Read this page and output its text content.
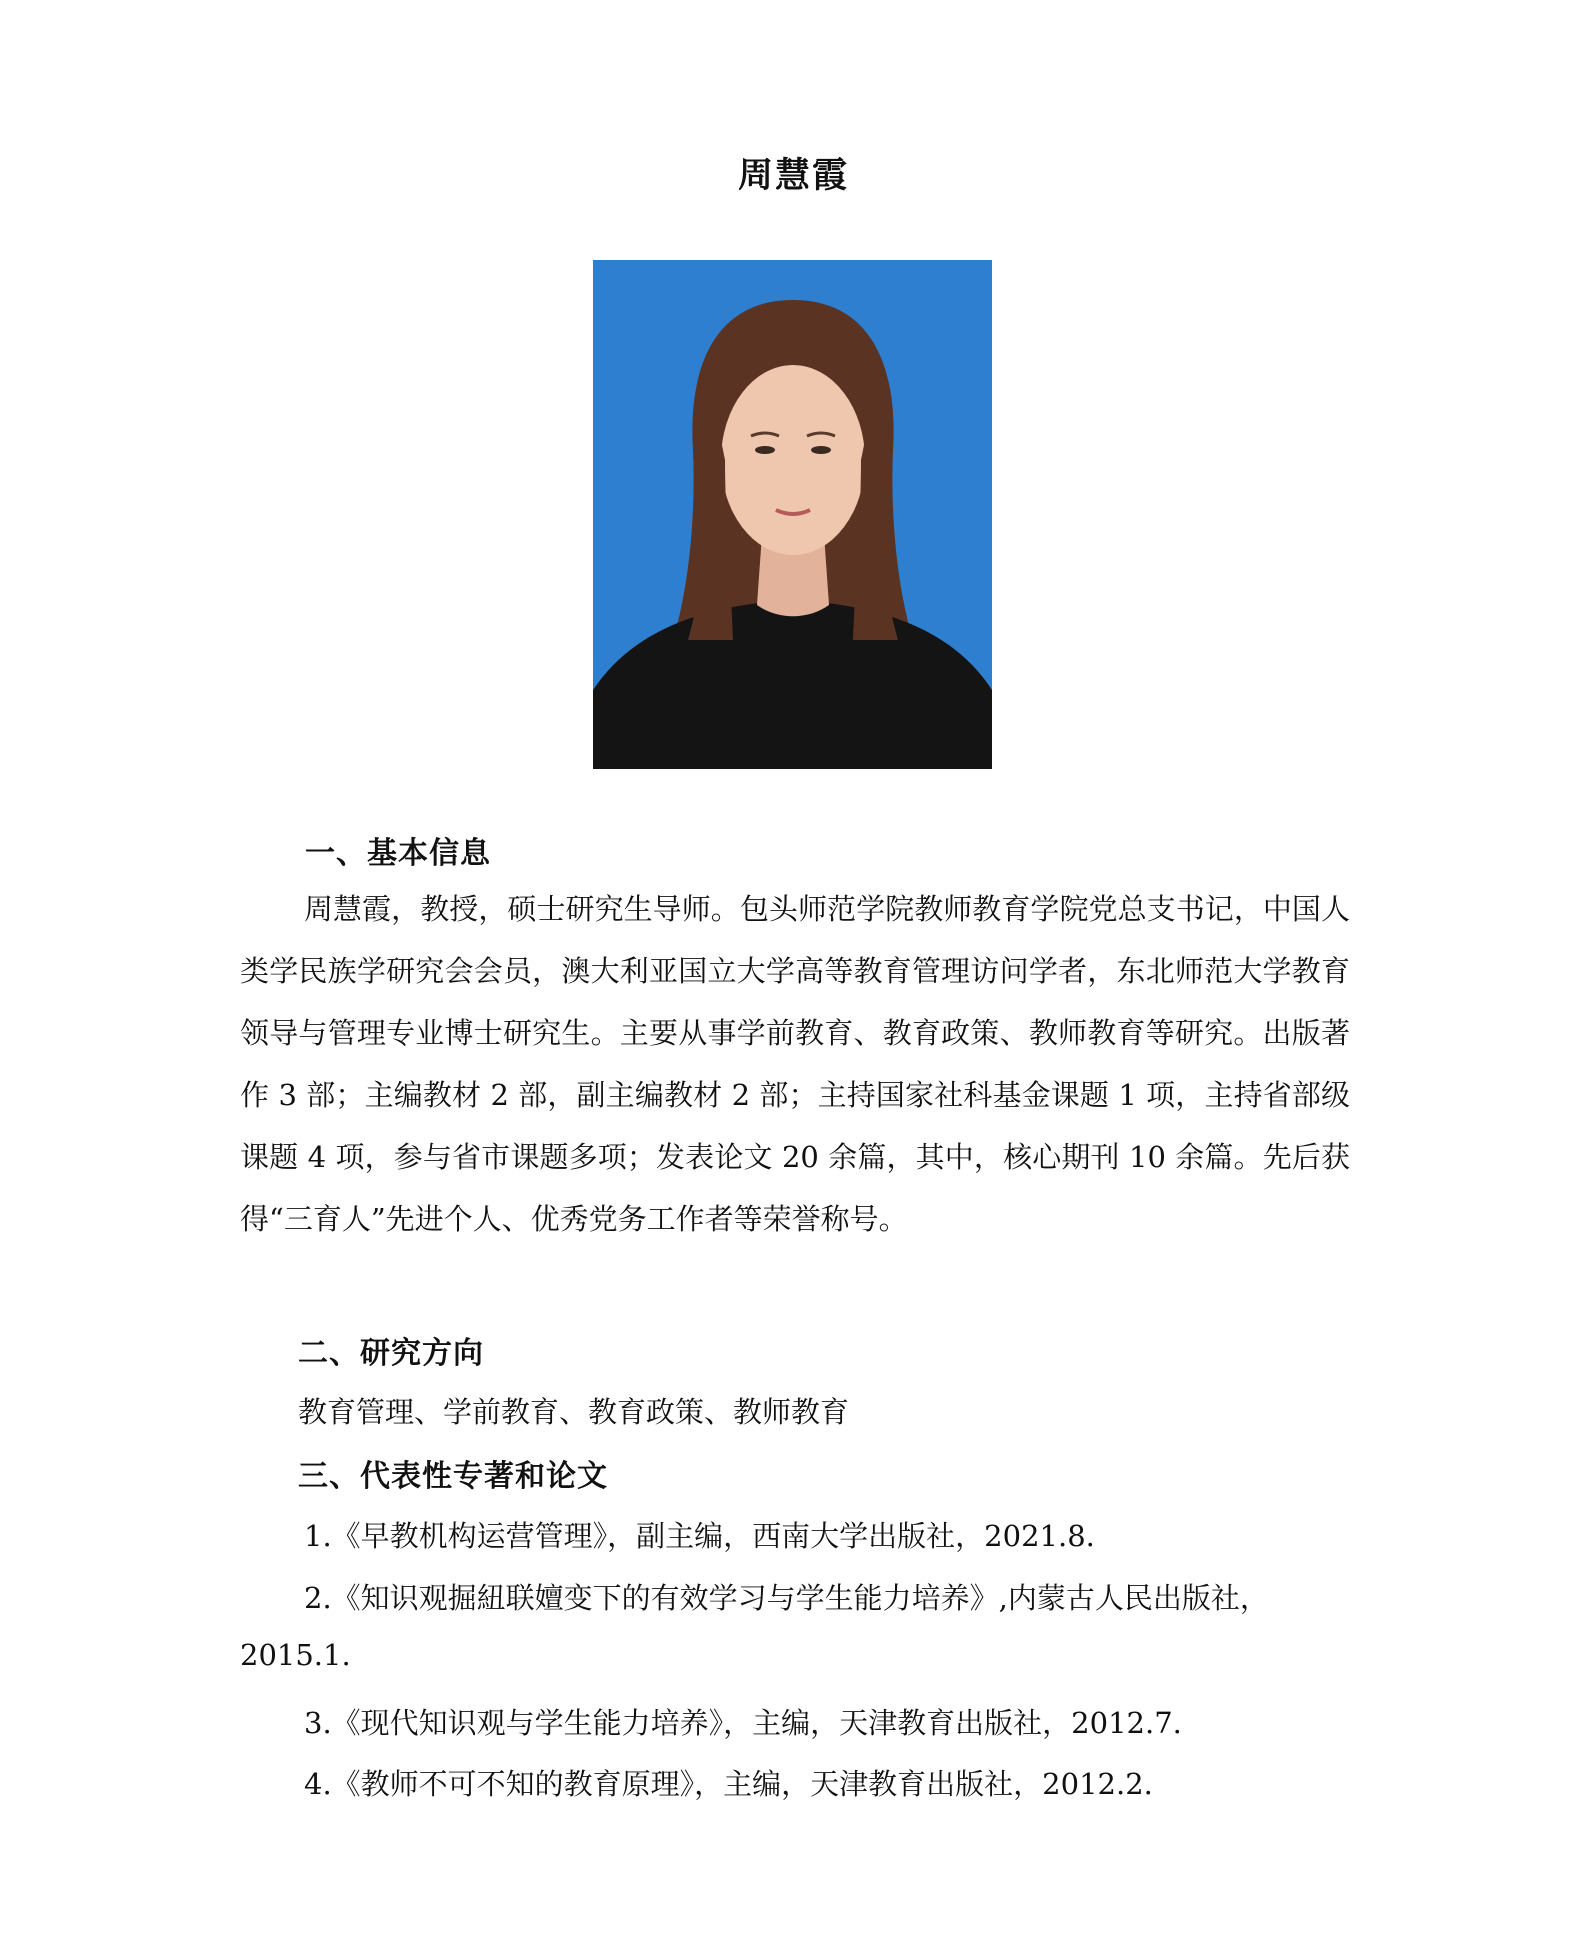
周慧霞
一、基本信息

周慧霞，教授，硕士研究生导师。包头师范学院教师教育学院党总支书记，中国人类学民族学研究会会员，澳大利亚国立大学高等教育管理访问学者，东北师范大学教育领导与管理专业博士研究生。主要从事学前教育、教育政策、教师教育等研究。出版著作 3 部；主编教材 2 部，副主编教材 2 部；主持国家社科基金课题 1 项，主持省部级课题 4 项，参与省市课题多项；发表论文 20 余篇，其中，核心期刊 10 余篇。先后获得“三育人”先进个人、优秀党务工作者等荣誉称号。

二、研究方向
教育管理、学前教育、教育政策、教师教育
三、代表性专著和论文
1.《早教机构运营管理》，副主编，西南大学出版社，2021.8.
2.《知识观掘紐联嬗变下的有效学习与学生能力培养》,内蒙古人民出版社，
2015.1.
3.《现代知识观与学生能力培养》，主编，天津教育出版社，2012.7.
4.《教师不可不知的教育原理》，主编，天津教育出版社，2012.2.
